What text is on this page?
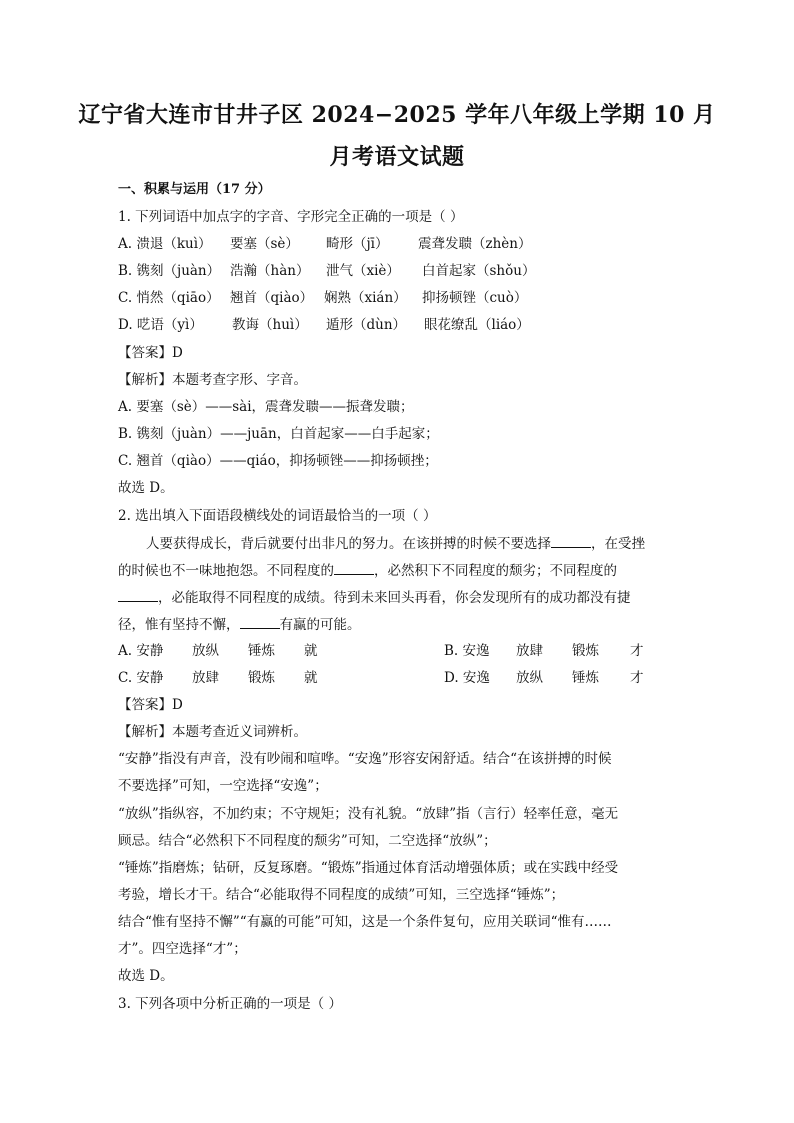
辽宁省大连市甘井子区 2024−2025 学年八年级上学期 10 月
月考语文试题
一、积累与运用（17 分）
1. 下列词语中加点字的字音、字形完全正确的一项是（ ）
A. 溃退（kuì） 要塞（sè） 畸形（jī） 震聋发聩（zhèn）
B. 镌刻（juàn） 浩瀚（hàn） 泄气（xiè） 白首起家（shǒu）
C. 悄然（qiāo） 翘首（qiào） 娴熟（xián） 抑扬顿锉（cuò）
D. 呓语（yì） 教诲（huì） 遁形（dùn） 眼花缭乱（liáo）
【答案】D
【解析】本题考查字形、字音。
A. 要塞（sè）——sài，震聋发聩——振聋发聩；
B. 镌刻（juàn）——juān，白首起家——白手起家；
C. 翘首（qiào）——qiáo，抑扬顿锉——抑扬顿挫；
故选 D。
2. 选出填入下面语段横线处的词语最恰当的一项（ ）
人要获得成长，背后就要付出非凡的努力。在该拼搏的时候不要选择	，在受挫
的时候也不一味地抱怨。不同程度的	，必然积下不同程度的颓劣；不同程度的
，必能取得不同程度的成绩。待到未来回头再看，你会发现所有的成功都没有捷
径，惟有坚持不懈，	有赢的可能。
A. 安静 放纵 锤炼 就	B. 安逸 放肆 锻炼 才
C. 安静 放肆 锻炼 就	D. 安逸 放纵 锤炼 才
【答案】D
【解析】本题考查近义词辨析。
“安静”指没有声音，没有吵闹和喧哗。“安逸”形容安闲舒适。结合“在该拼搏的时候
不要选择”可知，一空选择“安逸”；
“放纵”指纵容，不加约束；不守规矩；没有礼貌。“放肆”指（言行）轻率任意，毫无
顾忌。结合“必然积下不同程度的颓劣”可知，二空选择“放纵”；
“锤炼”指磨炼；钻研，反复琢磨。“锻炼”指通过体育活动增强体质；或在实践中经受
考验，增长才干。结合“必能取得不同程度的成绩”可知，三空选择“锤炼”；
结合“惟有坚持不懈”“有赢的可能”可知，这是一个条件复句，应用关联词“惟有……
才”。四空选择“才”；
故选 D。
3. 下列各项中分析正确的一项是（ ）
